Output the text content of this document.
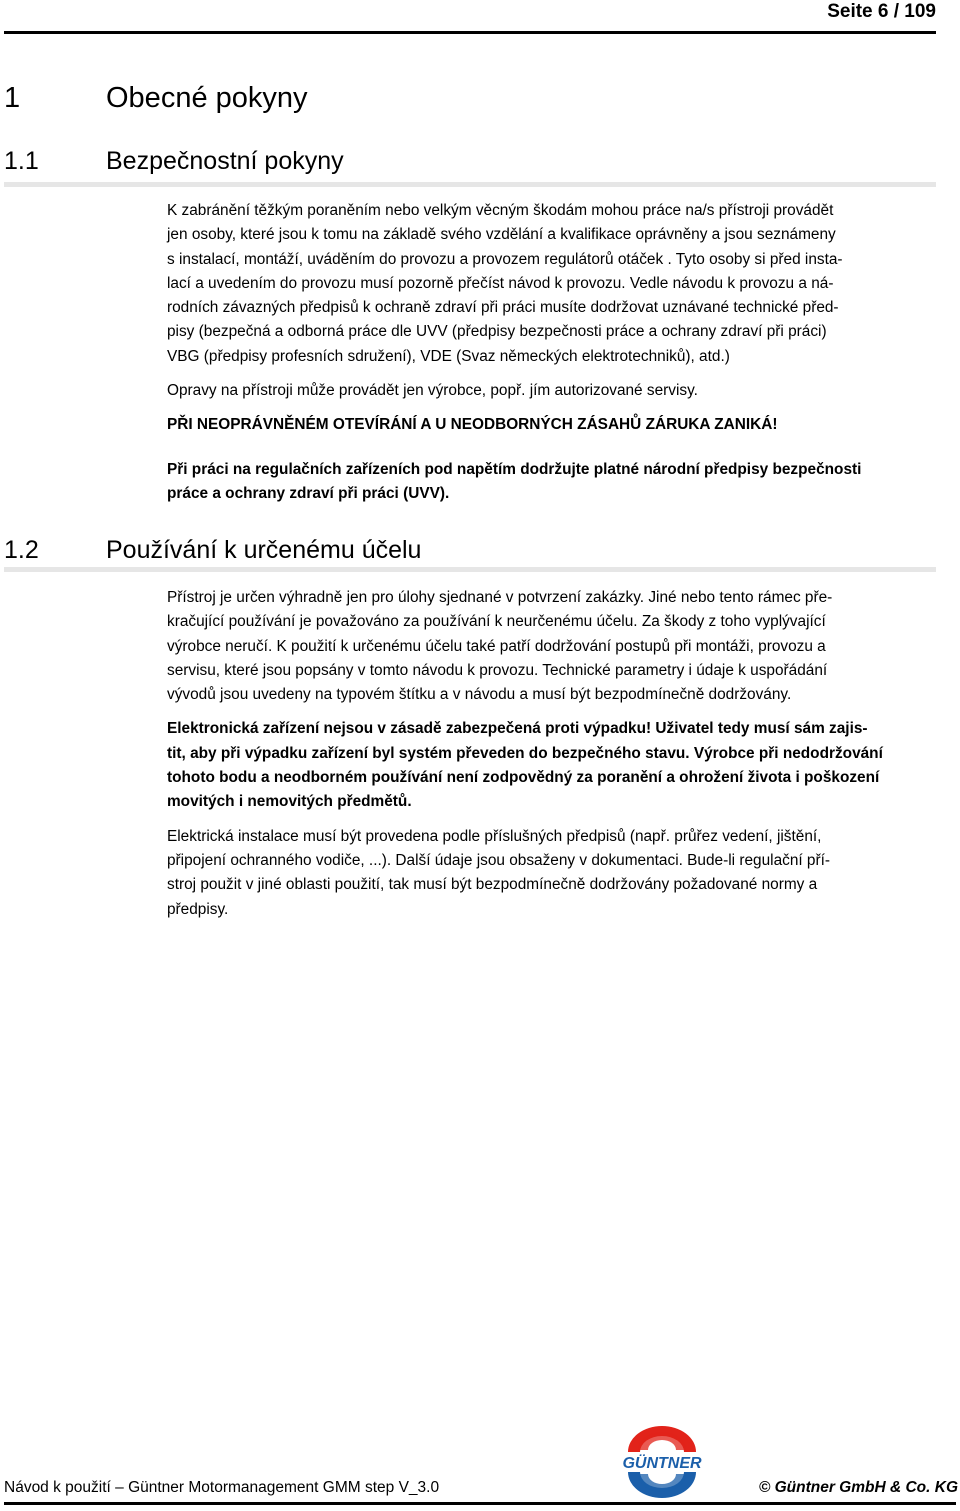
Seite 6 / 109
1	Obecné pokyny
1.1	Bezpečnostní pokyny

K zabránění těžkým poraněním nebo velkým věcným škodám mohou práce na/s přístroji provádět
jen osoby, které jsou k tomu na základě svého vzdělání a kvalifikace oprávněny a jsou seznámeny
s instalací, montáží, uváděním do provozu a provozem regulátorů otáček . Tyto osoby si před insta-
lací a uvedením do provozu musí pozorně přečíst návod k provozu. Vedle návodu k provozu a ná-
rodních závazných předpisů k ochraně zdraví při práci musíte dodržovat uznávané technické před-
pisy (bezpečná a odborná práce dle UVV (předpisy bezpečnosti práce a ochrany zdraví při práci)
VBG (předpisy profesních sdružení), VDE (Svaz německých elektrotechniků), atd.)

Opravy na přístroji může provádět jen výrobce, popř. jím autorizované servisy.

PŘI NEOPRÁVNĚNÉM OTEVÍRÁNÍ A U NEODBORNÝCH ZÁSAHŮ ZÁRUKA ZANIKÁ!

Při práci na regulačních zařízeních pod napětím dodržujte platné národní předpisy bezpečnosti
práce a ochrany zdraví při práci (UVV).

1.2	Používání k určenému účelu

Přístroj je určen výhradně jen pro úlohy sjednané v potvrzení zakázky. Jiné nebo tento rámec pře-
kračující používání je považováno za používání k neurčenému účelu. Za škody z toho vyplývající
výrobce neručí. K použití k určenému účelu také patří dodržování postupů při montáži, provozu a
servisu, které jsou popsány v tomto návodu k provozu. Technické parametry i údaje k uspořádání
vývodů jsou uvedeny na typovém štítku a v návodu a musí být bezpodmínečně dodržovány.

Elektronická zařízení nejsou v zásadě zabezpečená proti výpadku! Uživatel tedy musí sám zajis-
tit, aby při výpadku zařízení byl systém převeden do bezpečného stavu. Výrobce při nedodržování
tohoto bodu a neodborném používání není zodpovědný za poranění a ohrožení života i poškození
movitých i nemovitých předmětů.

Elektrická instalace musí být provedena podle příslušných předpisů (např. průřez vedení, jištění,
připojení ochranného vodiče, ...). Další údaje jsou obsaženy v dokumentaci. Bude-li regulační pří-
stroj použit v jiné oblasti použití, tak musí být bezpodmínečně dodržovány požadované normy a
předpisy.

GÜNTNER
Návod k použití – Güntner Motormanagement GMM step V_3.0	© Güntner GmbH & Co. KG
